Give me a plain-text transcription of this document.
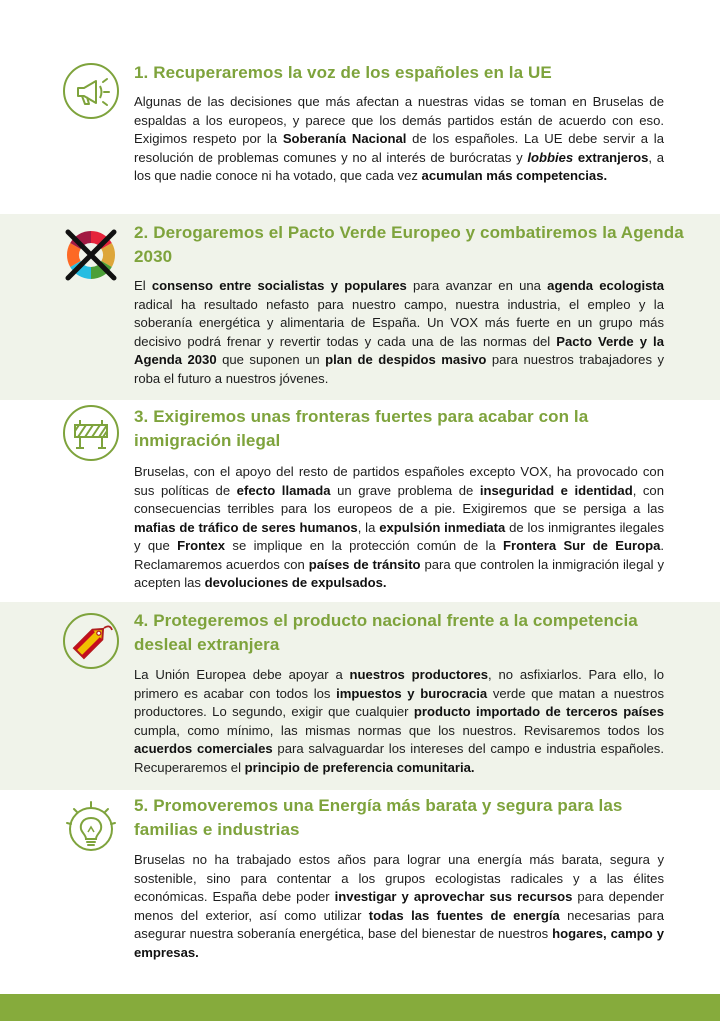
1. Recuperaremos la voz de los españoles en la UE
Algunas de las decisiones que más afectan a nuestras vidas se toman en Bruselas de espaldas a los europeos, y parece que los demás partidos están de acuerdo con eso. Exigimos respeto por la Soberanía Nacional de los españoles. La UE debe servir a la resolución de problemas comunes y no al interés de burócratas y lobbies extranjeros, a los que nadie conoce ni ha votado, que cada vez acumulan más competencias.
2. Derogaremos el Pacto Verde Europeo y combatiremos la Agenda 2030
El consenso entre socialistas y populares para avanzar en una agenda ecologista radical ha resultado nefasto para nuestro campo, nuestra industria, el empleo y la soberanía energética y alimentaria de España. Un VOX más fuerte en un grupo más decisivo podrá frenar y revertir todas y cada una de las normas del Pacto Verde y la Agenda 2030 que suponen un plan de despidos masivo para nuestros trabajadores y roba el futuro a nuestros jóvenes.
3. Exigiremos unas fronteras fuertes para acabar con la inmigración ilegal
Bruselas, con el apoyo del resto de partidos españoles excepto VOX, ha provocado con sus políticas de efecto llamada un grave problema de inseguridad e identidad, con consecuencias terribles para los europeos de a pie. Exigiremos que se persiga a las mafias de tráfico de seres humanos, la expulsión inmediata de los inmigrantes ilegales y que Frontex se implique en la protección común de la Frontera Sur de Europa. Reclamaremos acuerdos con países de tránsito para que controlen la inmigración ilegal y acepten las devoluciones de expulsados.
4. Protegeremos el producto nacional frente a la competencia desleal extranjera
La Unión Europea debe apoyar a nuestros productores, no asfixiarlos. Para ello, lo primero es acabar con todos los impuestos y burocracia verde que matan a nuestros productores. Lo segundo, exigir que cualquier producto importado de terceros países cumpla, como mínimo, las mismas normas que los nuestros. Revisaremos todos los acuerdos comerciales para salvaguardar los intereses del campo e industria españoles. Recuperaremos el principio de preferencia comunitaria.
5. Promoveremos una Energía más barata y segura para las familias e industrias
Bruselas no ha trabajado estos años para lograr una energía más barata, segura y sostenible, sino para contentar a los grupos ecologistas radicales y a las élites económicas. España debe poder investigar y aprovechar sus recursos para depender menos del exterior, así como utilizar todas las fuentes de energía necesarias para asegurar nuestra soberanía energética, base del bienestar de nuestros hogares, campo y empresas.
